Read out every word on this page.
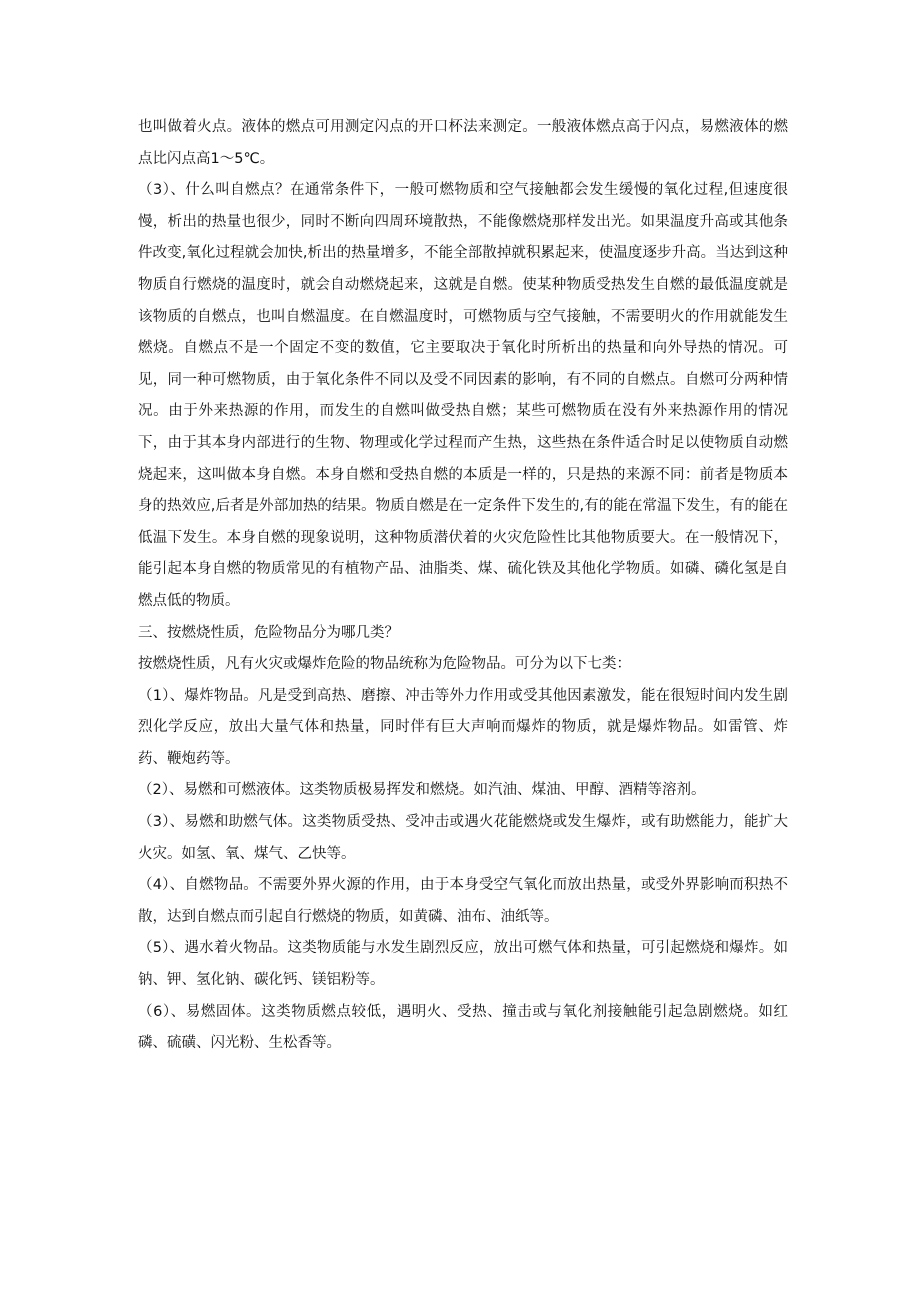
也叫做着火点。液体的燃点可用测定闪点的开口杯法来测定。一般液体燃点高于闪点，易燃液体的燃点比闪点高1～5℃。

（3）、什么叫自燃点？在通常条件下，一般可燃物质和空气接触都会发生缓慢的氧化过程,但速度很慢，析出的热量也很少，同时不断向四周环境散热，不能像燃烧那样发出光。如果温度升高或其他条件改变,氧化过程就会加快,析出的热量增多，不能全部散掉就积累起来，使温度逐步升高。当达到这种物质自行燃烧的温度时，就会自动燃烧起来，这就是自燃。使某种物质受热发生自燃的最低温度就是该物质的自燃点，也叫自燃温度。在自燃温度时，可燃物质与空气接触，不需要明火的作用就能发生燃烧。自燃点不是一个固定不变的数值，它主要取决于氧化时所析出的热量和向外导热的情况。可见，同一种可燃物质，由于氧化条件不同以及受不同因素的影响，有不同的自燃点。自燃可分两种情况。由于外来热源的作用，而发生的自燃叫做受热自燃；某些可燃物质在没有外来热源作用的情况下，由于其本身内部进行的生物、物理或化学过程而产生热，这些热在条件适合时足以使物质自动燃烧起来，这叫做本身自燃。本身自燃和受热自燃的本质是一样的，只是热的来源不同：前者是物质本身的热效应,后者是外部加热的结果。物质自燃是在一定条件下发生的,有的能在常温下发生，有的能在低温下发生。本身自燃的现象说明，这种物质潜伏着的火灾危险性比其他物质要大。在一般情况下，能引起本身自燃的物质常见的有植物产品、油脂类、煤、硫化铁及其他化学物质。如磷、磷化氢是自燃点低的物质。

三、按燃烧性质，危险物品分为哪几类？

按燃烧性质，凡有火灾或爆炸危险的物品统称为危险物品。可分为以下七类：

（1）、爆炸物品。凡是受到高热、磨擦、冲击等外力作用或受其他因素激发，能在很短时间内发生剧烈化学反应，放出大量气体和热量，同时伴有巨大声响而爆炸的物质，就是爆炸物品。如雷管、炸药、鞭炮药等。

（2）、易燃和可燃液体。这类物质极易挥发和燃烧。如汽油、煤油、甲醇、酒精等溶剂。

（3）、易燃和助燃气体。这类物质受热、受冲击或遇火花能燃烧或发生爆炸，或有助燃能力，能扩大火灾。如氢、氧、煤气、乙快等。

（4）、自燃物品。不需要外界火源的作用，由于本身受空气氧化而放出热量，或受外界影响而积热不散，达到自燃点而引起自行燃烧的物质，如黄磷、油布、油纸等。

（5）、遇水着火物品。这类物质能与水发生剧烈反应，放出可燃气体和热量，可引起燃烧和爆炸。如钠、钾、氢化钠、碳化钙、镁铝粉等。

（6）、易燃固体。这类物质燃点较低，遇明火、受热、撞击或与氧化剂接触能引起急剧燃烧。如红磷、硫磺、闪光粉、生松香等。
